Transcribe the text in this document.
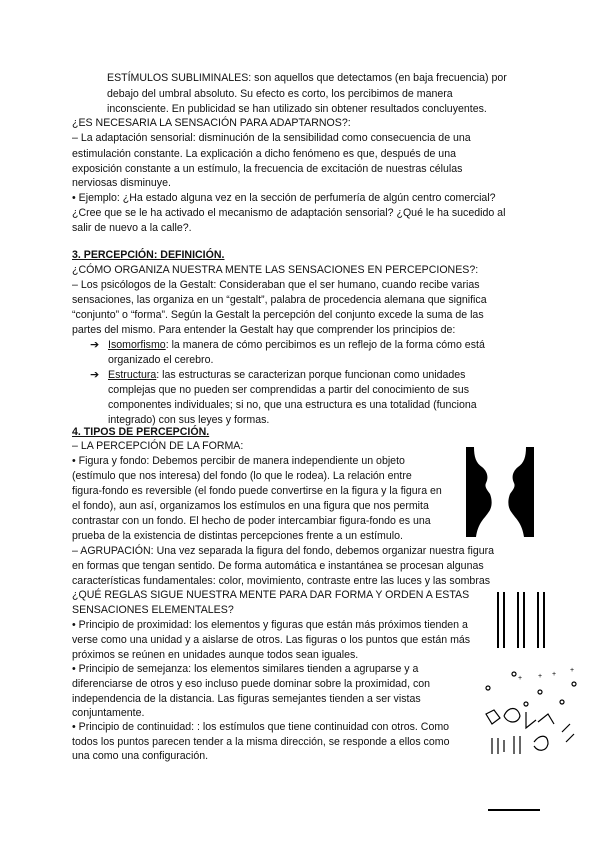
ESTÍMULOS SUBLIMINALES: son aquellos que detectamos (en baja frecuencia) por
debajo del umbral absoluto. Su efecto es corto, los percibimos de manera
inconsciente. En publicidad se han utilizado sin obtener resultados concluyentes.
¿ES NECESARIA LA SENSACIÓN PARA ADAPTARNOS?:
– La adaptación sensorial: disminución de la sensibilidad como consecuencia de una
estimulación constante. La explicación a dicho fenómeno es que, después de una
exposición constante a un estímulo, la frecuencia de excitación de nuestras células
nerviosas disminuye.
• Ejemplo: ¿Ha estado alguna vez en la sección de perfumería de algún centro comercial?
¿Cree que se le ha activado el mecanismo de adaptación sensorial? ¿Qué le ha sucedido al
salir de nuevo a la calle?.
3. PERCEPCIÓN: DEFINICIÓN.
¿CÓMO ORGANIZA NUESTRA MENTE LAS SENSACIONES EN PERCEPCIONES?:
– Los psicólogos de la Gestalt: Consideraban que el ser humano, cuando recibe varias
sensaciones, las organiza en un “gestalt”, palabra de procedencia alemana que significa
“conjunto” o “forma”. Según la Gestalt la percepción del conjunto excede la suma de las
partes del mismo. Para entender la Gestalt hay que comprender los principios de:
➔ Isomorfismo: la manera de cómo percibimos es un reflejo de la forma cómo está
organizado el cerebro.
➔ Estructura: las estructuras se caracterizan porque funcionan como unidades
complejas que no pueden ser comprendidas a partir del conocimiento de sus
componentes individuales; si no, que una estructura es una totalidad (funciona
integrado) con sus leyes y formas.
4. TIPOS DE PERCEPCIÓN.
– LA PERCEPCIÓN DE LA FORMA:
• Figura y fondo: Debemos percibir de manera independiente un objeto
(estímulo que nos interesa) del fondo (lo que le rodea). La relación entre
figura-fondo es reversible (el fondo puede convertirse en la figura y la figura en
el fondo), aun así, organizamos los estímulos en una figura que nos permita
contrastar con un fondo. El hecho de poder intercambiar figura-fondo es una
prueba de la existencia de distintas percepciones frente a un estímulo.
– AGRUPACIÓN: Una vez separada la figura del fondo, debemos organizar nuestra figura
en formas que tengan sentido. De forma automática e instantánea se procesan algunas
características fundamentales: color, movimiento, contraste entre las luces y las sombras
¿QUÉ REGLAS SIGUE NUESTRA MENTE PARA DAR FORMA Y ORDEN A ESTAS
SENSACIONES ELEMENTALES?
• Principio de proximidad: los elementos y figuras que están más próximos tienden a
verse como una unidad y a aislarse de otros. Las figuras o los puntos que están más
próximos se reúnen en unidades aunque todos sean iguales.
• Principio de semejanza: los elementos similares tienden a agruparse y a
diferenciarse de otros y eso incluso puede dominar sobre la proximidad, con
independencia de la distancia. Las figuras semejantes tienden a ser vistas
conjuntamente.
• Principio de continuidad: : los estímulos que tiene continuidad con otros. Como
todos los puntos parecen tender a la misma dirección, se responde a ellos como
una como una configuración.
+
+
+
+
